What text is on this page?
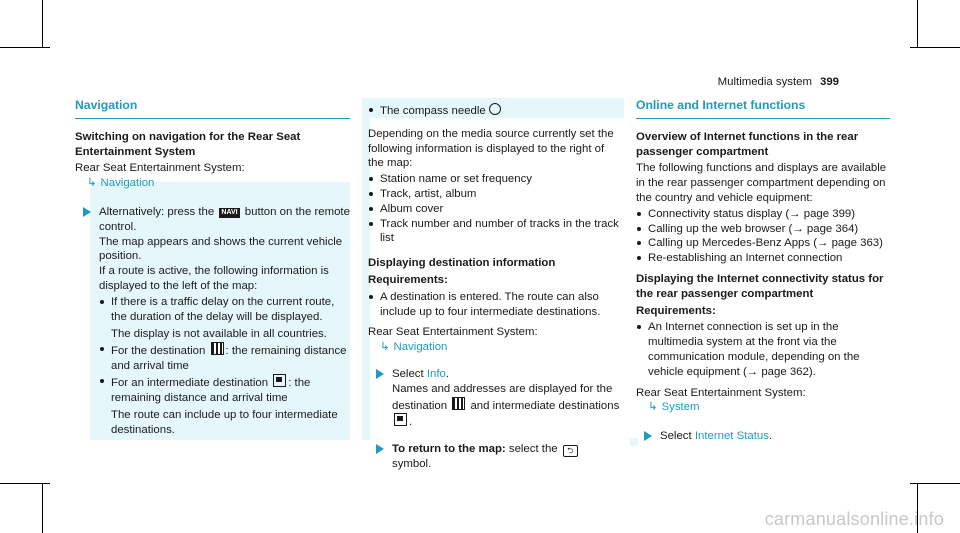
Multimedia system 399
Navigation
Switching on navigation for the Rear Seat Entertainment System

Rear Seat Entertainment System:

↳ Navigation

Alternatively: press the NAVI button on the remote control.

The map appears and shows the current vehicle position.

If a route is active, the following information is displayed to the left of the map:

If there is a traffic delay on the current route, the duration of the delay will be displayed.

The display is not available in all countries.

For the destination : the remaining distance and arrival time
For an intermediate destination : the remaining distance and arrival time

The route can include up to four intermediate destinations.

The compass needle

Depending on the media source currently set the following information is displayed to the right of the map:

Station name or set frequency
Track, artist, album
Album cover
Track number and number of tracks in the track list
Displaying destination information
Requirements:
A destination is entered. The route can also include up to four intermediate destinations.

Rear Seat Entertainment System:

↳ Navigation

Select Info.

Names and addresses are displayed for the destination and intermediate destinations .

To return to the map: select the ⮌ symbol.

Online and Internet functions
Overview of Internet functions in the rear passenger compartment

The following functions and displays are available in the rear passenger compartment depending on the country and vehicle equipment:

Connectivity status display (→ page 399)
Calling up the web browser (→ page 364)
Calling up Mercedes-Benz Apps (→ page 363)
Re-establishing an Internet connection
Displaying the Internet connectivity status for the rear passenger compartment
Requirements:
An Internet connection is set up in the multimedia system at the front via the communication module, depending on the vehicle equipment (→ page 362).

Rear Seat Entertainment System:

↳ System

Select Internet Status.

carmanualsonline.info
